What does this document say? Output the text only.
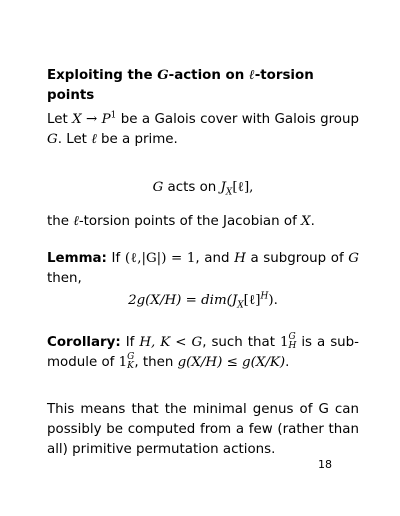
Exploiting the G-action on ℓ-torsion points

Let $X \to P^1$ be a Galois cover with Galois group G. Let ℓ be a prime.

G acts on $J_X[\ell]$,

the ℓ-torsion points of the Jacobian of X.

Lemma: If (ℓ,|G|) = 1, and H a subgroup of G then,

$2g(X/H) = dim(J_X[\ell]^H)$.

Corollary: If H, K < G, such that 1 G
H is a sub-module of 1 G
K , then g(X/H) ≤ g(X/K).

This means that the minimal genus of G can possibly be computed from a few (rather than all) primitive permutation actions.

18
